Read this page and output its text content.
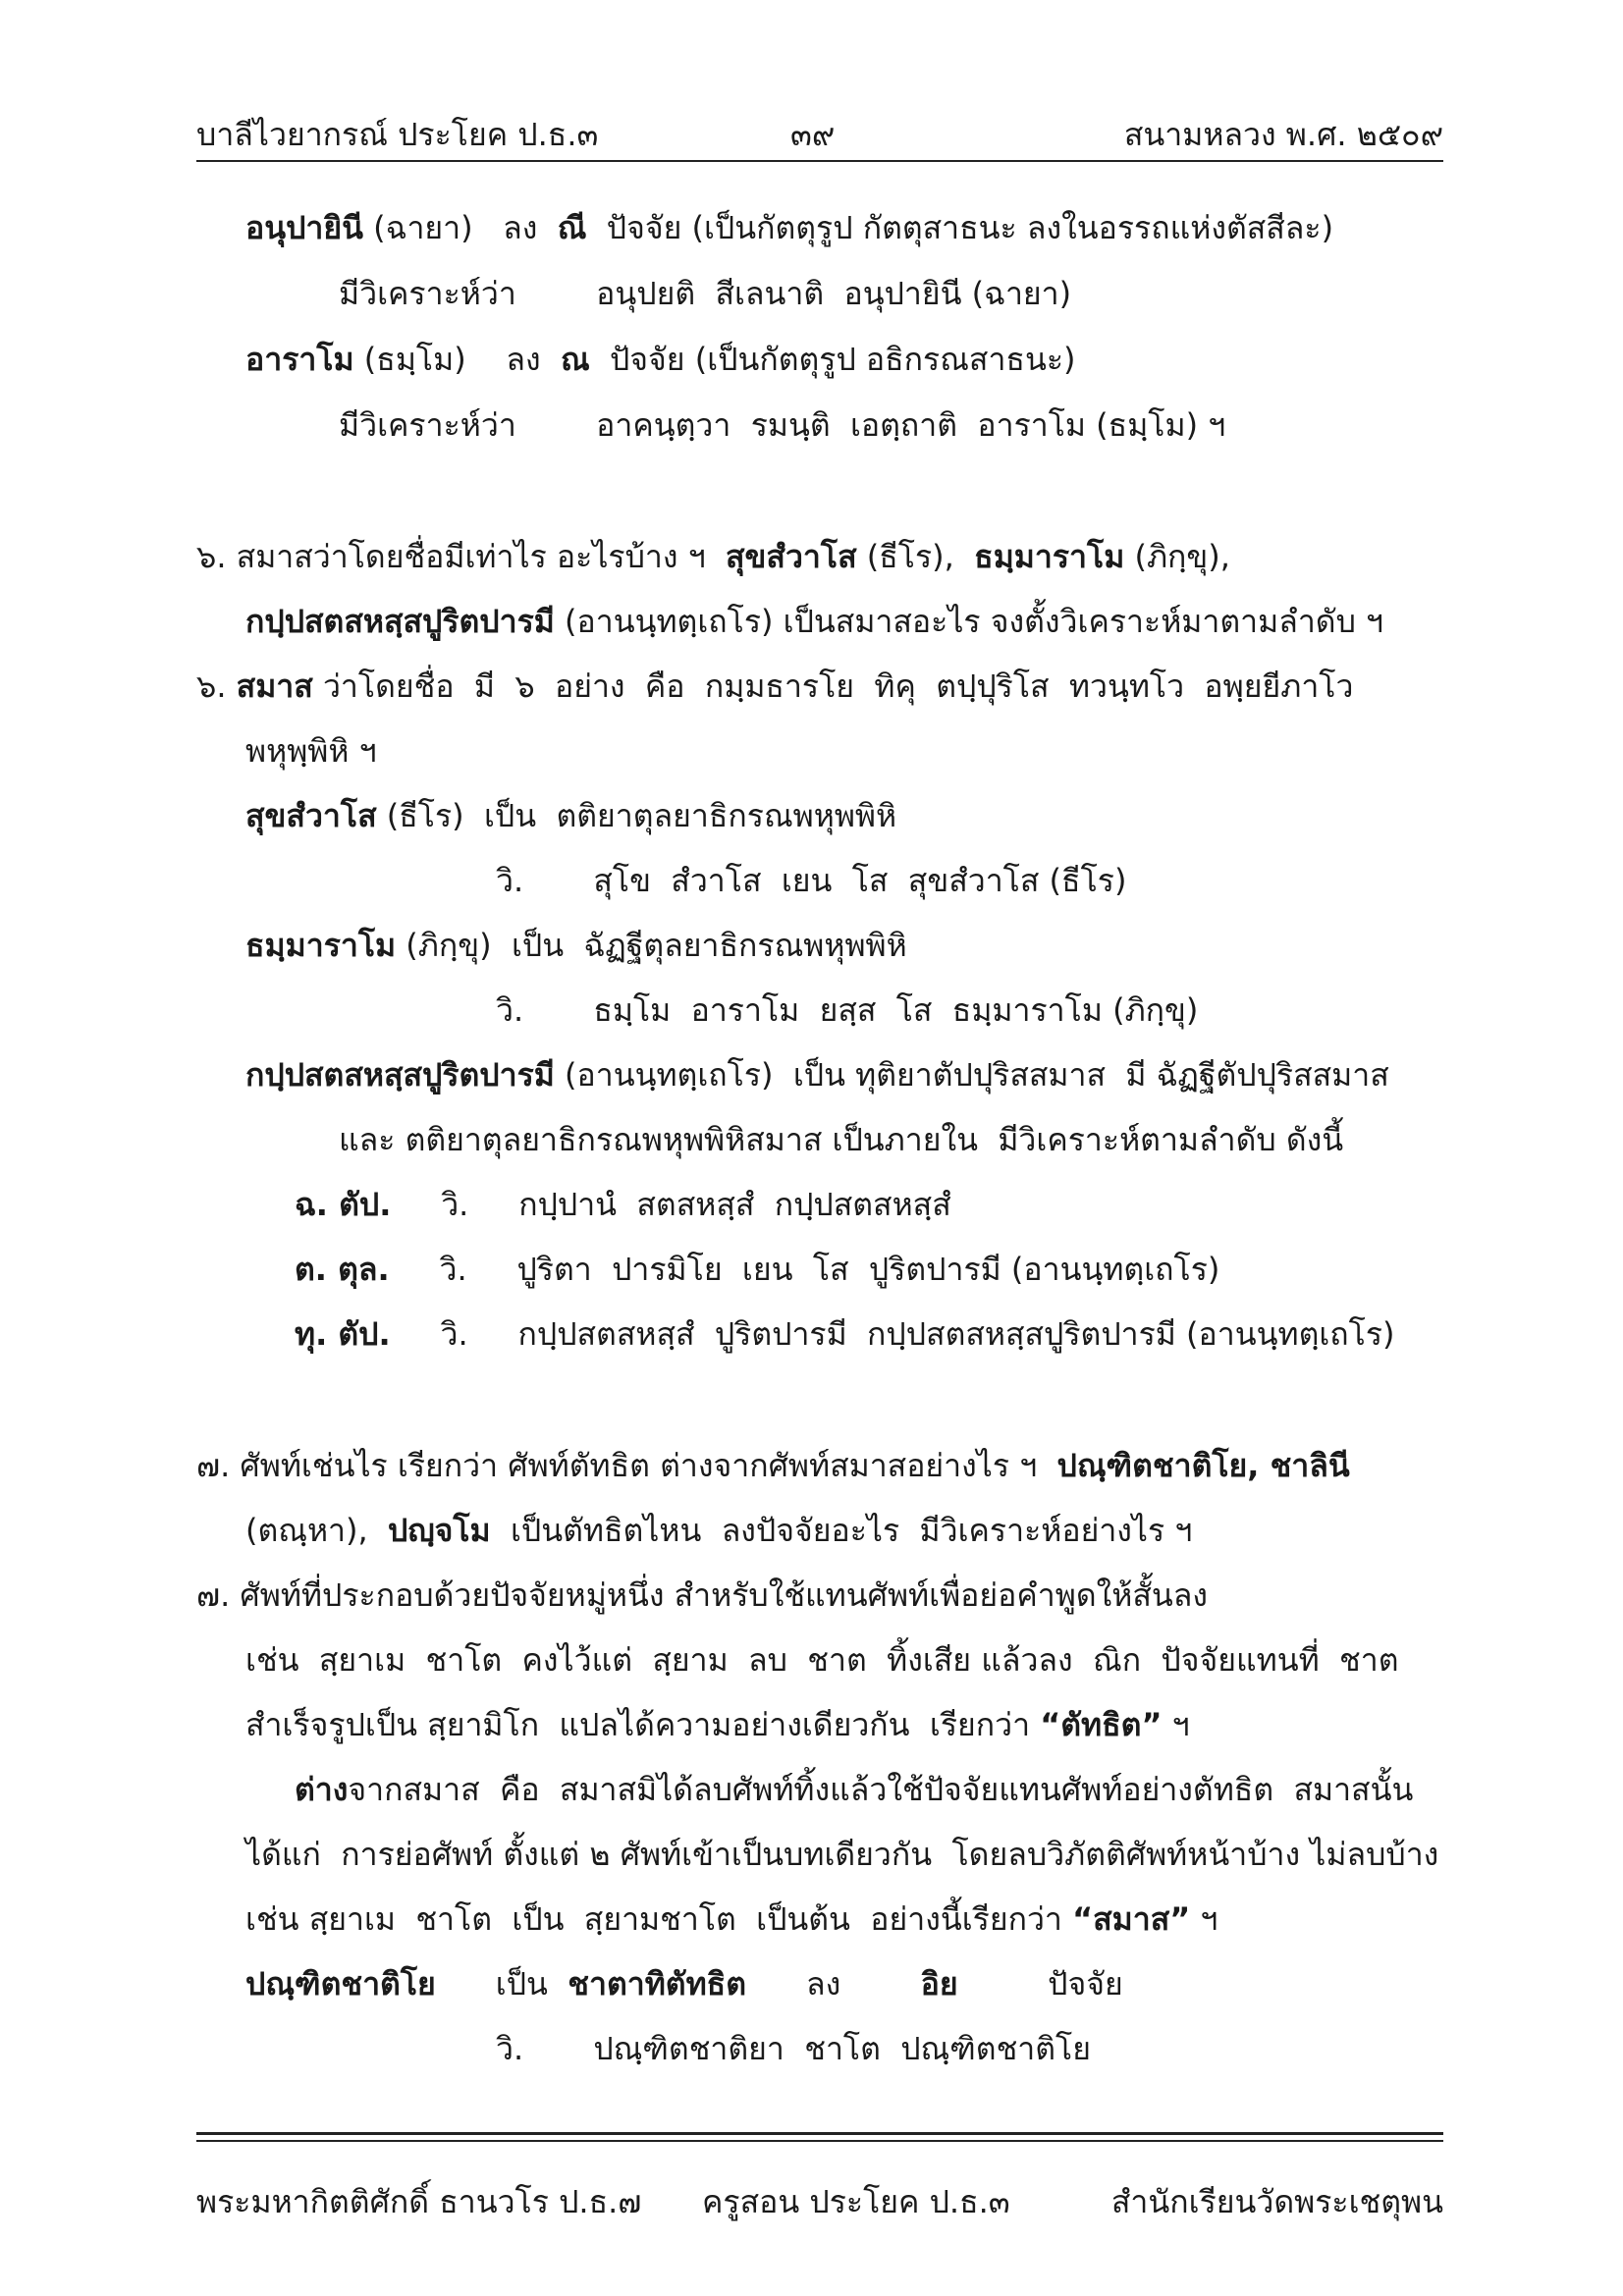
บาลีไวยากรณ์ ประโยค ป.ธ.๓	๓๙	สนามหลวง พ.ศ. ๒๕๐๙
อนุปายินี (ฉายา)   ลง  ณี  ปัจจัย (เป็นกัตตุรูป กัตตุสาธนะ ลงในอรรถแห่งตัสสีละ)
มีวิเคราะห์ว่า        อนุปยติ  สีเลนาติ  อนุปายินี (ฉายา)
อาราโม (ธมฺโม)    ลง  ณ  ปัจจัย (เป็นกัตตุรูป อธิกรณสาธนะ)
มีวิเคราะห์ว่า        อาคนฺตฺวา  รมนฺติ  เอตฺถาติ  อาราโม (ธมฺโม) ฯ
๖. สมาสว่าโดยชื่อมีเท่าไร อะไรบ้าง ฯ  สุขสํวาโส (ธีโร),  ธมฺมาราโม (ภิกฺขุ),
กปฺปสตสหสฺสปูริตปารมี (อานนฺทตฺเถโร) เป็นสมาสอะไร จงตั้งวิเคราะห์มาตามลำดับ ฯ
๖. สมาส ว่าโดยชื่อ  มี  ๖  อย่าง  คือ  กมฺมธารโย  ทิคุ  ตปฺปุริโส  ทวนฺทโว  อพฺยยีภาโว
พหุพฺพิหิ ฯ
สุขสํวาโส (ธีโร)  เป็น  ตติยาตุลยาธิกรณพหุพพิหิ
วิ.       สุโข  สํวาโส  เยน  โส  สุขสํวาโส (ธีโร)
ธมฺมาราโม (ภิกฺขุ)  เป็น  ฉัฏฐีตุลยาธิกรณพหุพพิหิ
วิ.       ธมฺโม  อาราโม  ยสฺส  โส  ธมฺมาราโม (ภิกฺขุ)
กปฺปสตสหสฺสปูริตปารมี (อานนฺทตฺเถโร)  เป็น ทุติยาตัปปุริสสมาส  มี ฉัฏฐีตัปปุริสสมาส
และ ตติยาตุลยาธิกรณพหุพพิหิสมาส เป็นภายใน  มีวิเคราะห์ตามลำดับ ดังนี้
ฉ. ตัป.     วิ.     กปฺปานํ  สตสหสฺสํ  กปฺปสตสหสฺสํ
ต. ตุล.     วิ.     ปูริตา  ปารมิโย  เยน  โส  ปูริตปารมี (อานนฺทตฺเถโร)
ทุ. ตัป.     วิ.     กปฺปสตสหสฺสํ  ปูริตปารมี  กปฺปสตสหสฺสปูริตปารมี (อานนฺทตฺเถโร)
๗. ศัพท์เช่นไร เรียกว่า ศัพท์ตัทธิต ต่างจากศัพท์สมาสอย่างไร ฯ  ปณฺฑิตชาติโย, ชาลินี
(ตณฺหา),  ปญฺจโม  เป็นตัทธิตไหน  ลงปัจจัยอะไร  มีวิเคราะห์อย่างไร ฯ
๗. ศัพท์ที่ประกอบด้วยปัจจัยหมู่หนึ่ง สำหรับใช้แทนศัพท์เพื่อย่อคำพูดให้สั้นลง
เช่น  สฺยาเม  ชาโต  คงไว้แต่  สฺยาม  ลบ  ชาต  ทิ้งเสีย แล้วลง  ณิก  ปัจจัยแทนที่  ชาต
สำเร็จรูปเป็น สฺยามิโก  แปลได้ความอย่างเดียวกัน  เรียกว่า “ตัทธิต” ฯ
ต่างจากสมาส  คือ  สมาสมิได้ลบศัพท์ทิ้งแล้วใช้ปัจจัยแทนศัพท์อย่างตัทธิต  สมาสนั้น
ได้แก่  การย่อศัพท์ ตั้งแต่ ๒ ศัพท์เข้าเป็นบทเดียวกัน  โดยลบวิภัตติศัพท์หน้าบ้าง ไม่ลบบ้าง
เช่น สฺยาเม  ชาโต  เป็น  สฺยามชาโต  เป็นต้น  อย่างนี้เรียกว่า “สมาส” ฯ
ปณฺฑิตชาติโย      เป็น  ชาตาทิตัทธิต      ลง        อิย         ปัจจัย
วิ.       ปณฺฑิตชาติยา  ชาโต  ปณฺฑิตชาติโย
พระมหากิตติศักดิ์ ธานวโร ป.ธ.๗ ครูสอน ประโยค ป.ธ.๓	สำนักเรียนวัดพระเชตุพน
